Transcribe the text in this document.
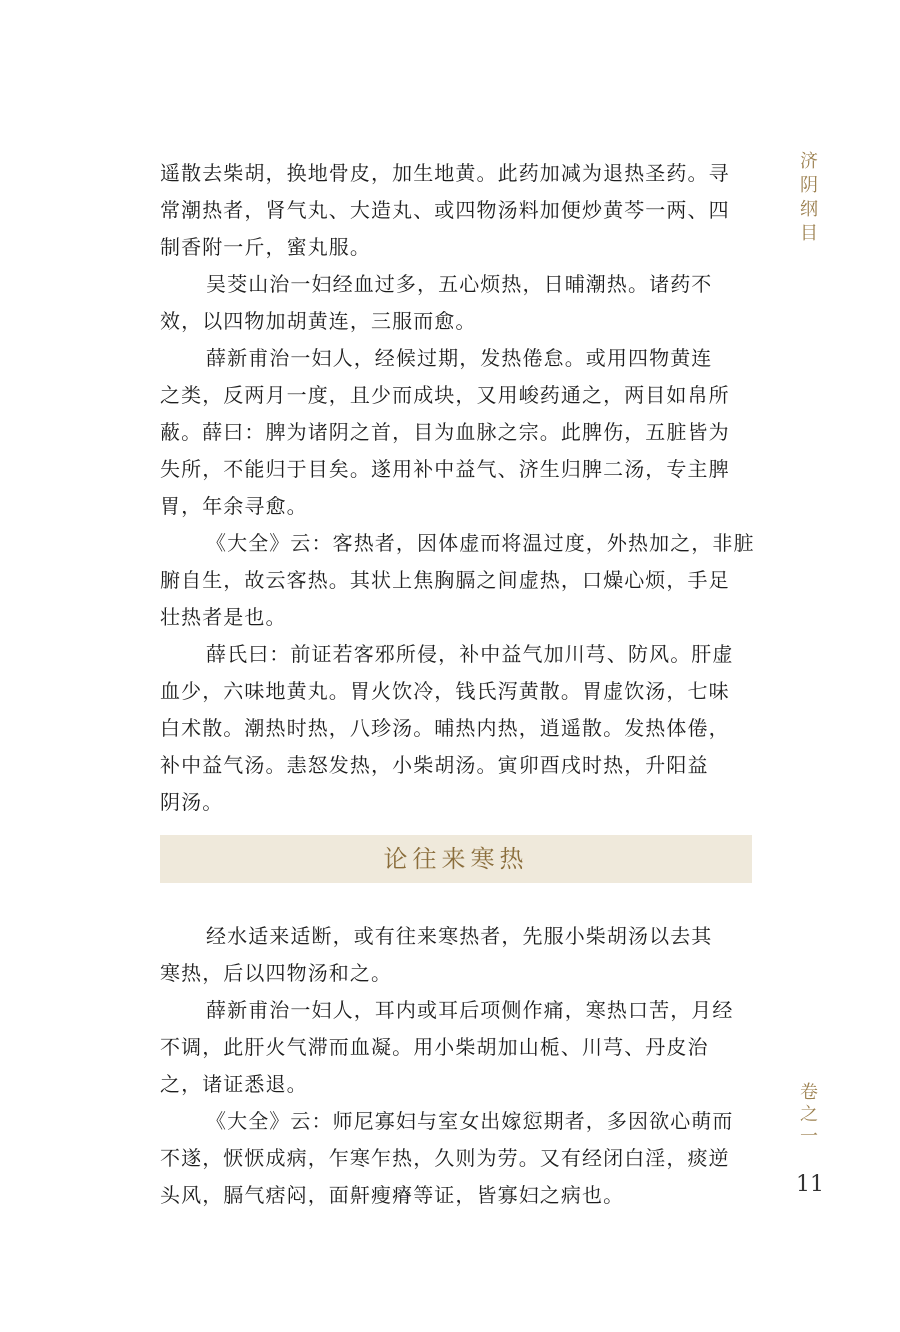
济
阴
纲
目
遥散去柴胡，换地骨皮，加生地黄。此药加减为退热圣药。寻
常潮热者，肾气丸、大造丸、或四物汤料加便炒黄芩一两、四
制香附一斤，蜜丸服。
吴茭山治一妇经血过多，五心烦热，日晡潮热。诸药不
效，以四物加胡黄连，三服而愈。
薛新甫治一妇人，经候过期，发热倦怠。或用四物黄连
之类，反两月一度，且少而成块，又用峻药通之，两目如帛所
蔽。薛曰：脾为诸阴之首，目为血脉之宗。此脾伤，五脏皆为
失所，不能归于目矣。遂用补中益气、济生归脾二汤，专主脾
胃，年余寻愈。
《大全》云：客热者，因体虚而将温过度，外热加之，非脏
腑自生，故云客热。其状上焦胸膈之间虚热，口燥心烦，手足
壮热者是也。
薛氏曰：前证若客邪所侵，补中益气加川芎、防风。肝虚
血少，六味地黄丸。胃火饮冷，钱氏泻黄散。胃虚饮汤，七味
白术散。潮热时热，八珍汤。晡热内热，逍遥散。发热体倦，
补中益气汤。恚怒发热，小柴胡汤。寅卯酉戌时热，升阳益
阴汤。
论往来寒热
经水适来适断，或有往来寒热者，先服小柴胡汤以去其
寒热，后以四物汤和之。
薛新甫治一妇人，耳内或耳后项侧作痛，寒热口苦，月经
不调，此肝火气滞而血凝。用小柴胡加山栀、川芎、丹皮治
之，诸证悉退。
《大全》云：师尼寡妇与室女出嫁愆期者，多因欲心萌而
不遂，恹恹成病，乍寒乍热，久则为劳。又有经闭白淫，痰逆
头风，膈气痞闷，面鼾瘦瘠等证，皆寡妇之病也。
卷
之
一
11
